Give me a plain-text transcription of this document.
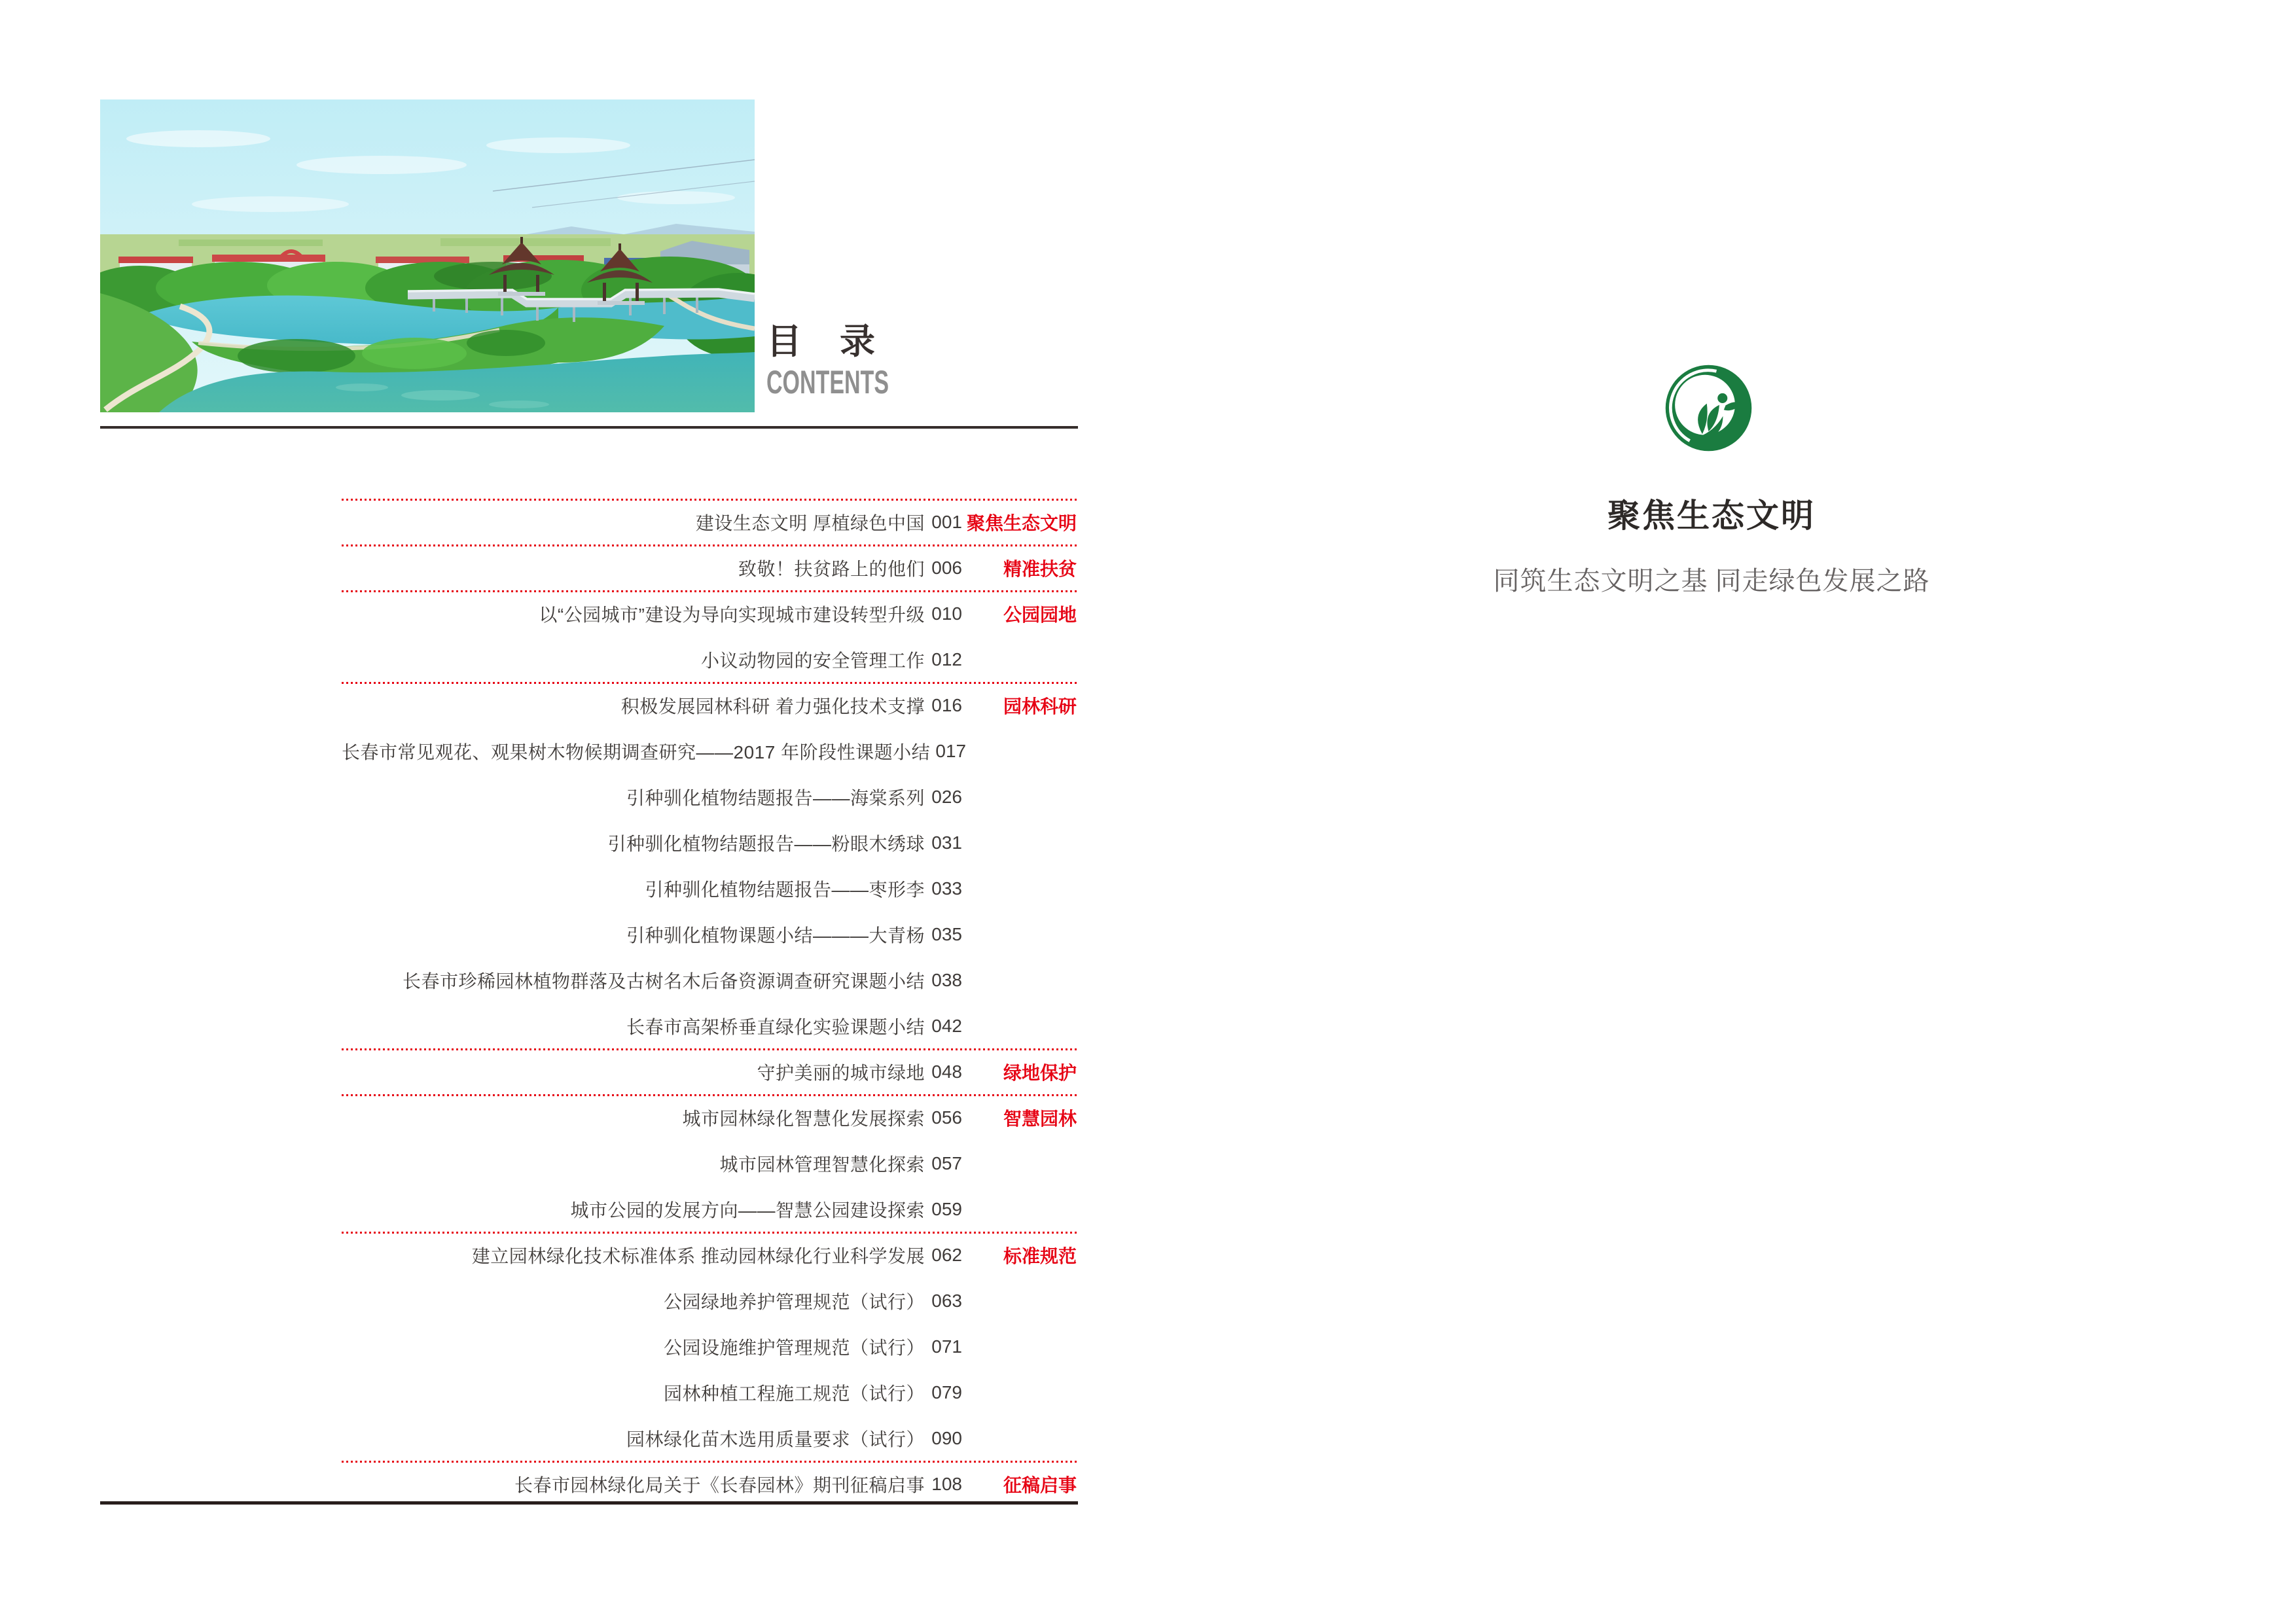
目　录
CONTENTS
建设生态文明 厚植绿色中国 001 聚焦生态文明
致敬！扶贫路上的他们 006	精准扶贫
以“公园城市”建设为导向实现城市建设转型升级 010	公园园地
小议动物园的安全管理工作 012
积极发展园林科研 着力强化技术支撑 016	园林科研
长春市常见观花、观果树木物候期调查研究——2017 年阶段性课题小结 017
引种驯化植物结题报告——海棠系列 026
引种驯化植物结题报告——粉眼木绣球 031
引种驯化植物结题报告——枣形李 033
引种驯化植物课题小结———大青杨 035
长春市珍稀园林植物群落及古树名木后备资源调查研究课题小结 038
长春市高架桥垂直绿化实验课题小结 042
守护美丽的城市绿地 048	绿地保护
城市园林绿化智慧化发展探索 056	智慧园林
城市园林管理智慧化探索 057
城市公园的发展方向——智慧公园建设探索 059
建立园林绿化技术标准体系 推动园林绿化行业科学发展 062	标准规范
公园绿地养护管理规范（试行） 063
公园设施维护管理规范（试行） 071
园林种植工程施工规范（试行） 079
园林绿化苗木选用质量要求（试行） 090
长春市园林绿化局关于《长春园林》期刊征稿启事 108	征稿启事
聚焦生态文明
同筑生态文明之基 同走绿色发展之路
